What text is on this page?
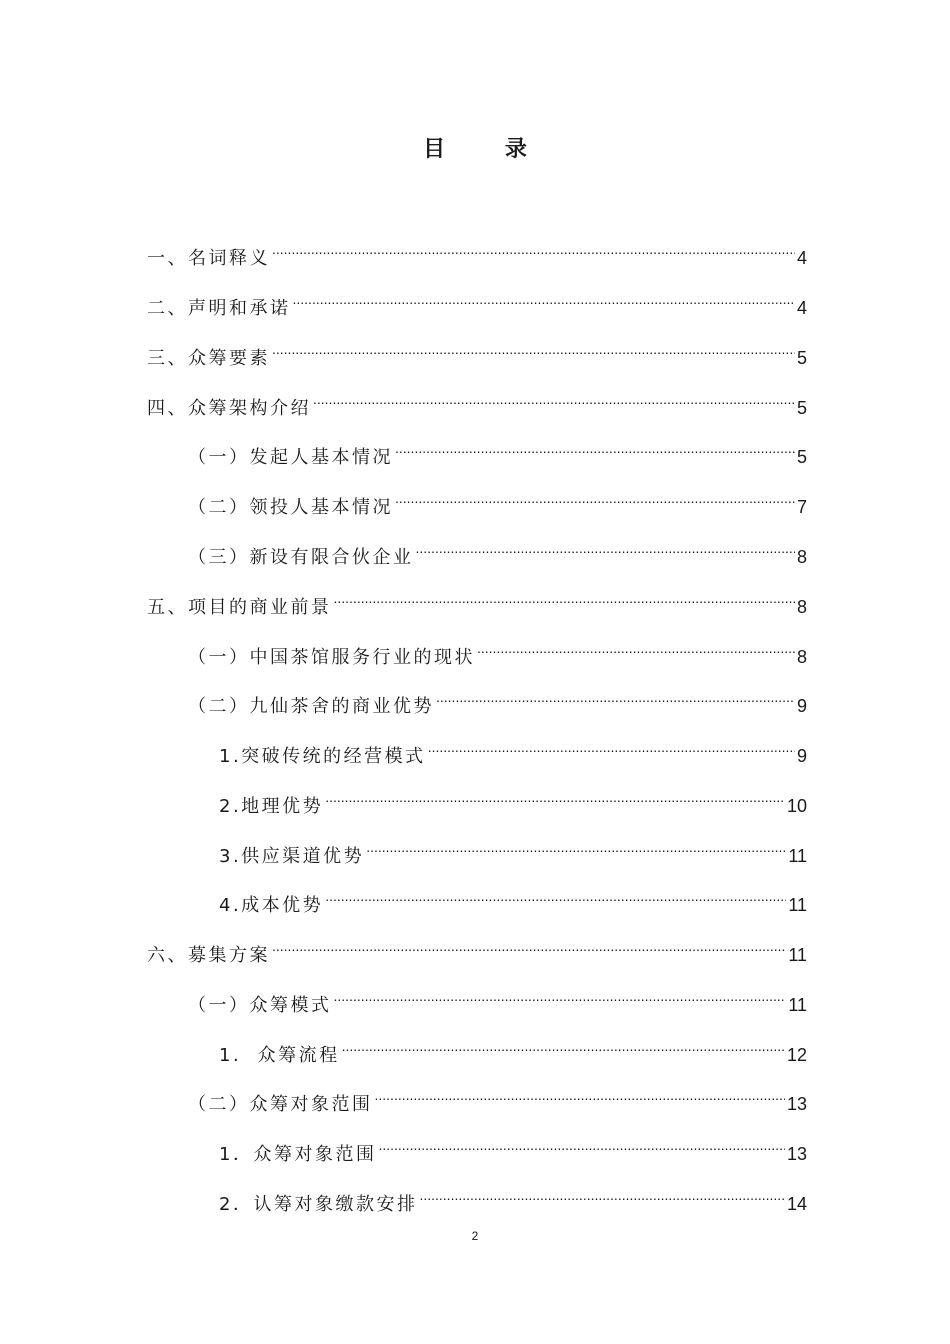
目 录
一、名词释义 .....	4
二、声明和承诺 .....	4
三、众筹要素 .....	5
四、众筹架构介绍 .....	5
（一）发起人基本情况 .....	5
（二）领投人基本情况 .....	7
（三）新设有限合伙企业 .....	8
五、项目的商业前景 .....	8
（一）中国茶馆服务行业的现状 .....	8
（二）九仙茶舍的商业优势 .....	9
1.突破传统的经营模式 .....	9
2.地理优势 .....	10
3.供应渠道优势 .....	11
4.成本优势 .....	11
六、募集方案 .....	11
（一）众筹模式 .....	11
1.  众筹流程 .....	12
（二）众筹对象范围 .....	13
1．众筹对象范围 .....	13
2．认筹对象缴款安排 .....	14
2
